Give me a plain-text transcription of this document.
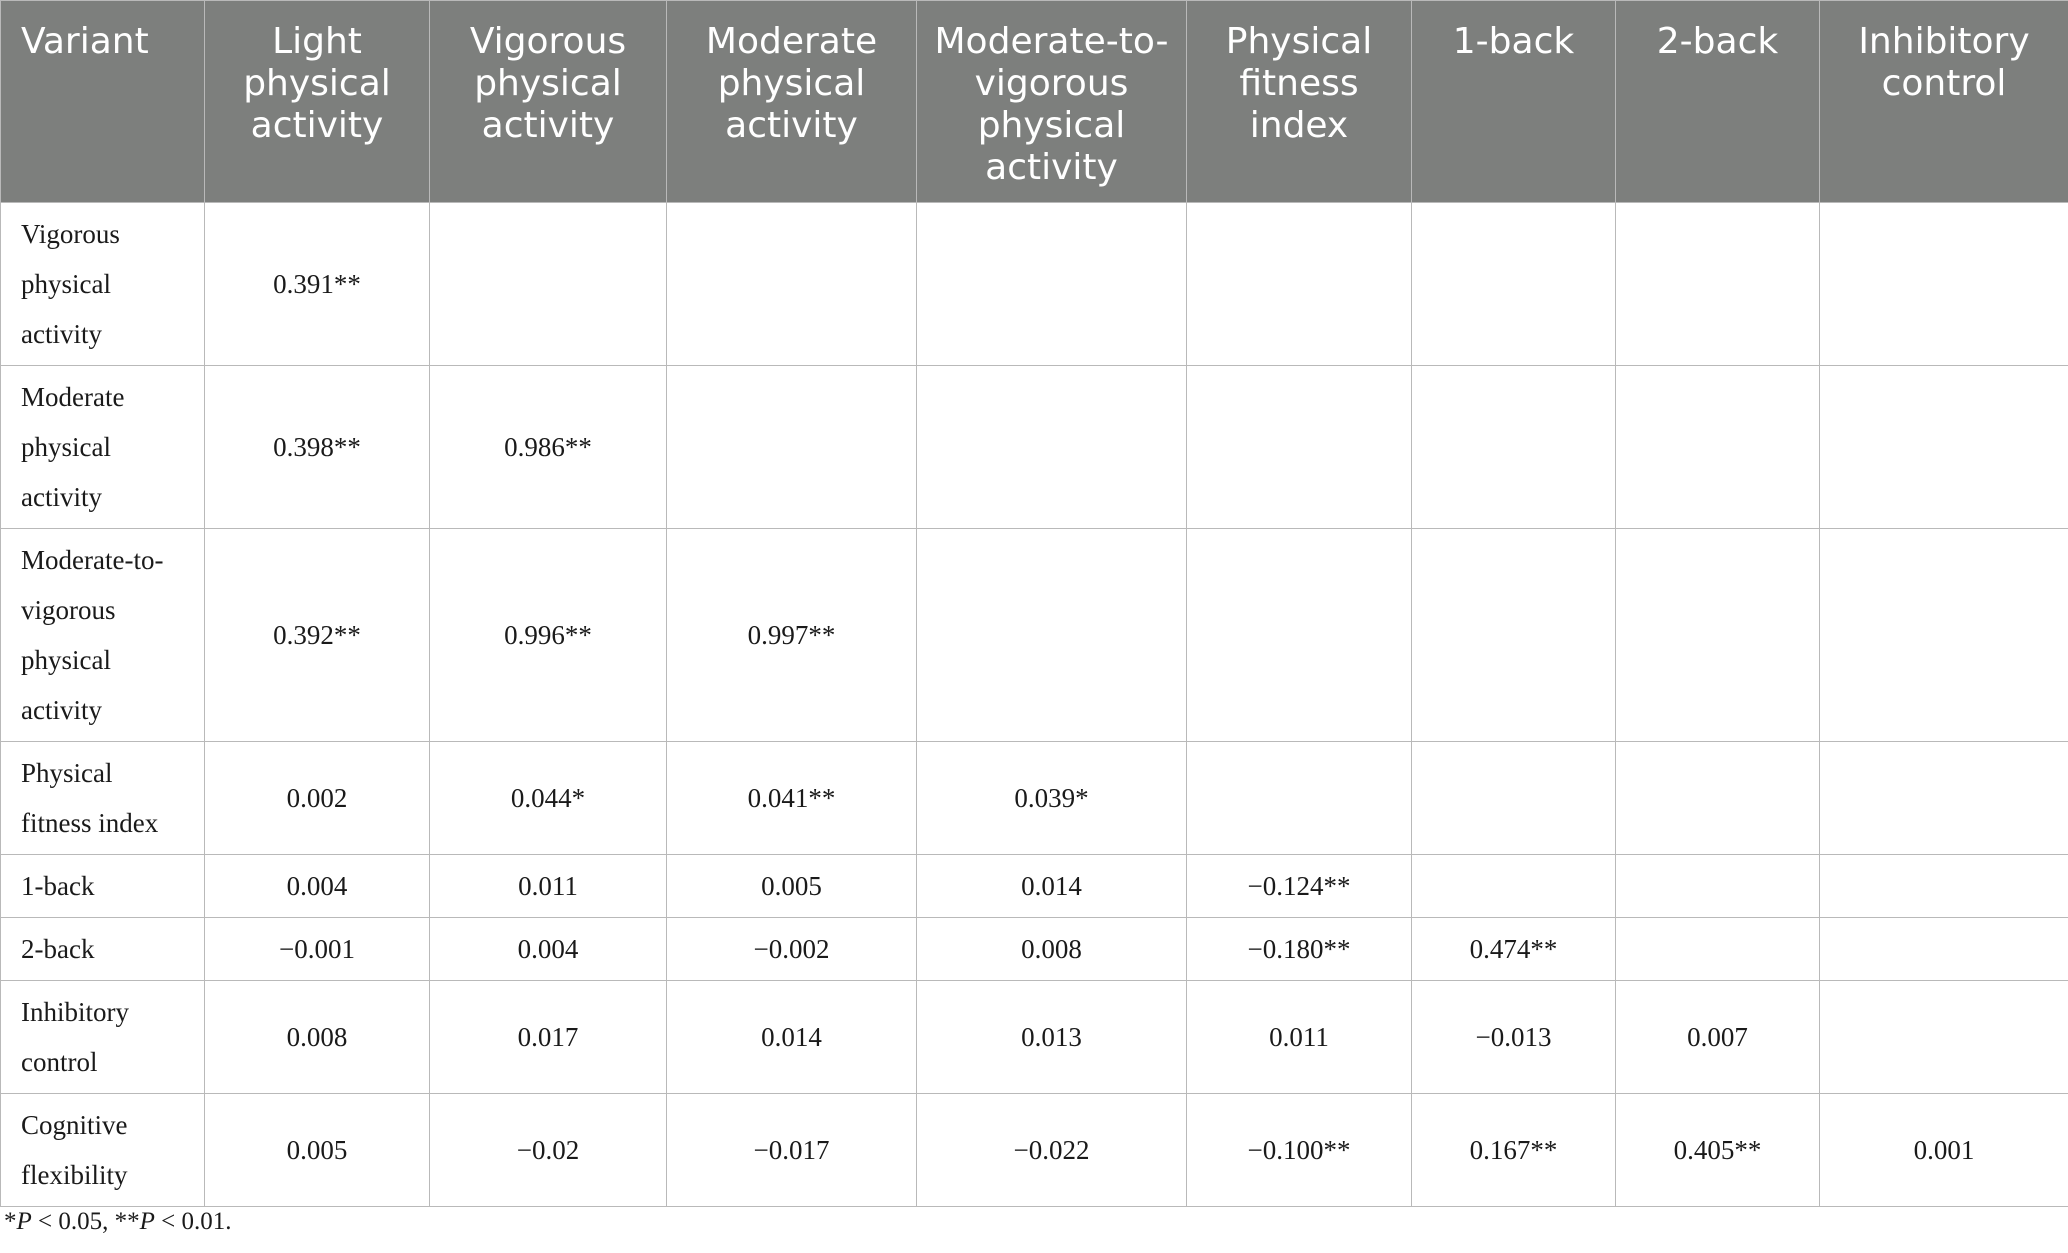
Variant	Light physical activity	Vigorous physical activity	Moderate physical activity	Moderate-to-vigorous physical activity	Physical fitness index	1-back	2-back	Inhibitory control
Vigorous physical activity	0.391**							
Moderate physical activity	0.398**	0.986**						
Moderate-to-vigorous physical activity	0.392**	0.996**	0.997**					
Physical fitness index	0.002	0.044*	0.041**	0.039*				
1-back	0.004	0.011	0.005	0.014	−0.124**			
2-back	−0.001	0.004	−0.002	0.008	−0.180**	0.474**		
Inhibitory control	0.008	0.017	0.014	0.013	0.011	−0.013	0.007	
Cognitive flexibility	0.005	−0.02	−0.017	−0.022	−0.100**	0.167**	0.405**	0.001
*P < 0.05, **P < 0.01.
